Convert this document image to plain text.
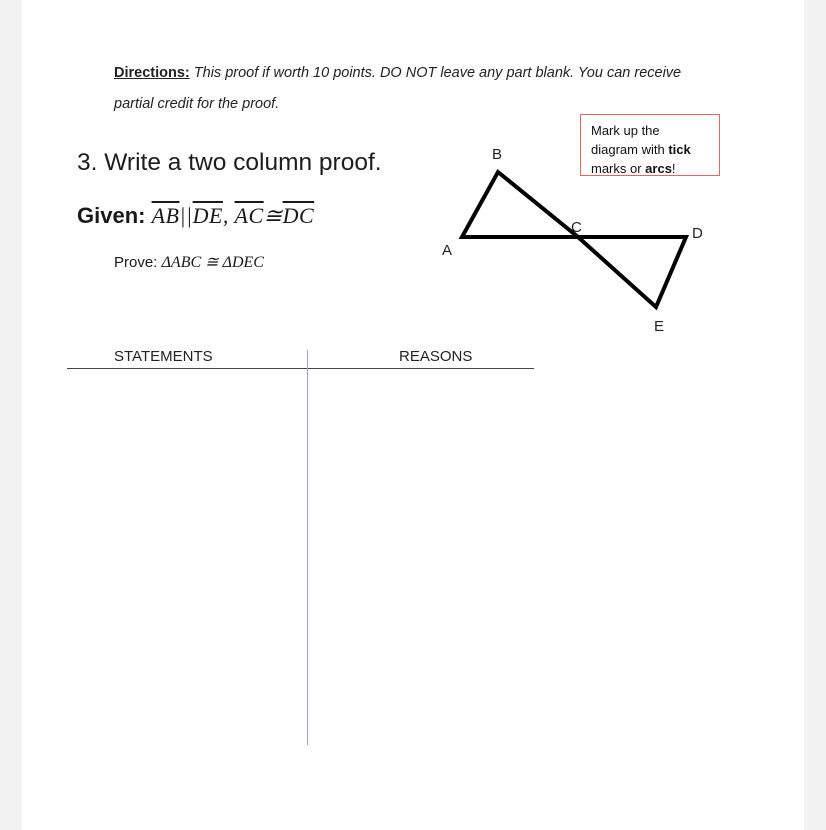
Directions: This proof if worth 10 points. DO NOT leave any part blank. You can receive partial credit for the proof.
3. Write a two column proof.
Given: $\overline{AB}||\overline{DE}$, $\overline{AC}≅\overline{DC}$
Prove: ΔABC ≅ ΔDEC
Mark up the diagram with tick marks or arcs!
B
A
C	D
E
STATEMENTS	REASONS
